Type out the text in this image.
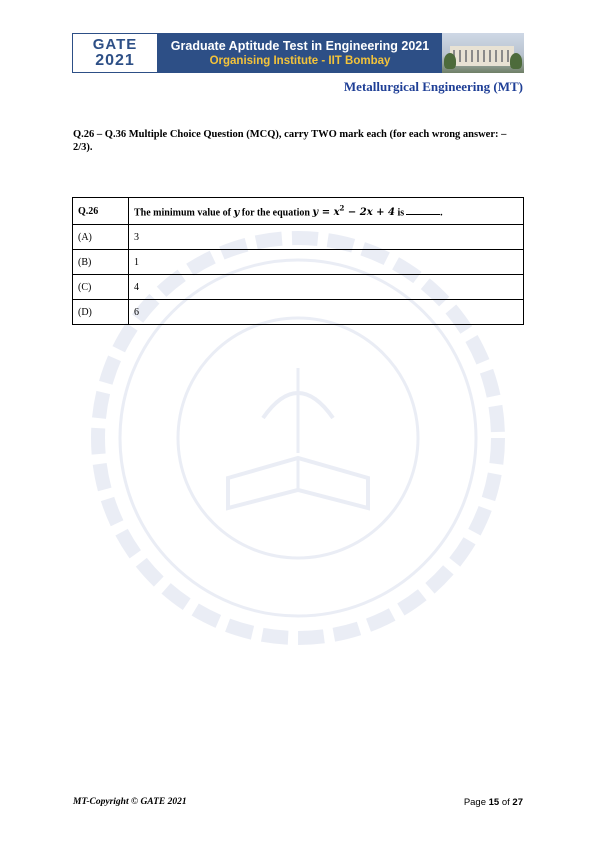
GATE
2021
Graduate Aptitude Test in Engineering 2021
Organising Institute - IIT Bombay

Metallurgical Engineering (MT)

Q.26 – Q.36 Multiple Choice Question (MCQ), carry TWO mark each (for each wrong answer: – 2/3).

Q.26	The minimum value of y for the equation $y = x^2 - 2x + 4$ is .
(A)	3
(B)	1
(C)	4
(D)	6

MT-Copyright © GATE 2021	Page 15 of 27
